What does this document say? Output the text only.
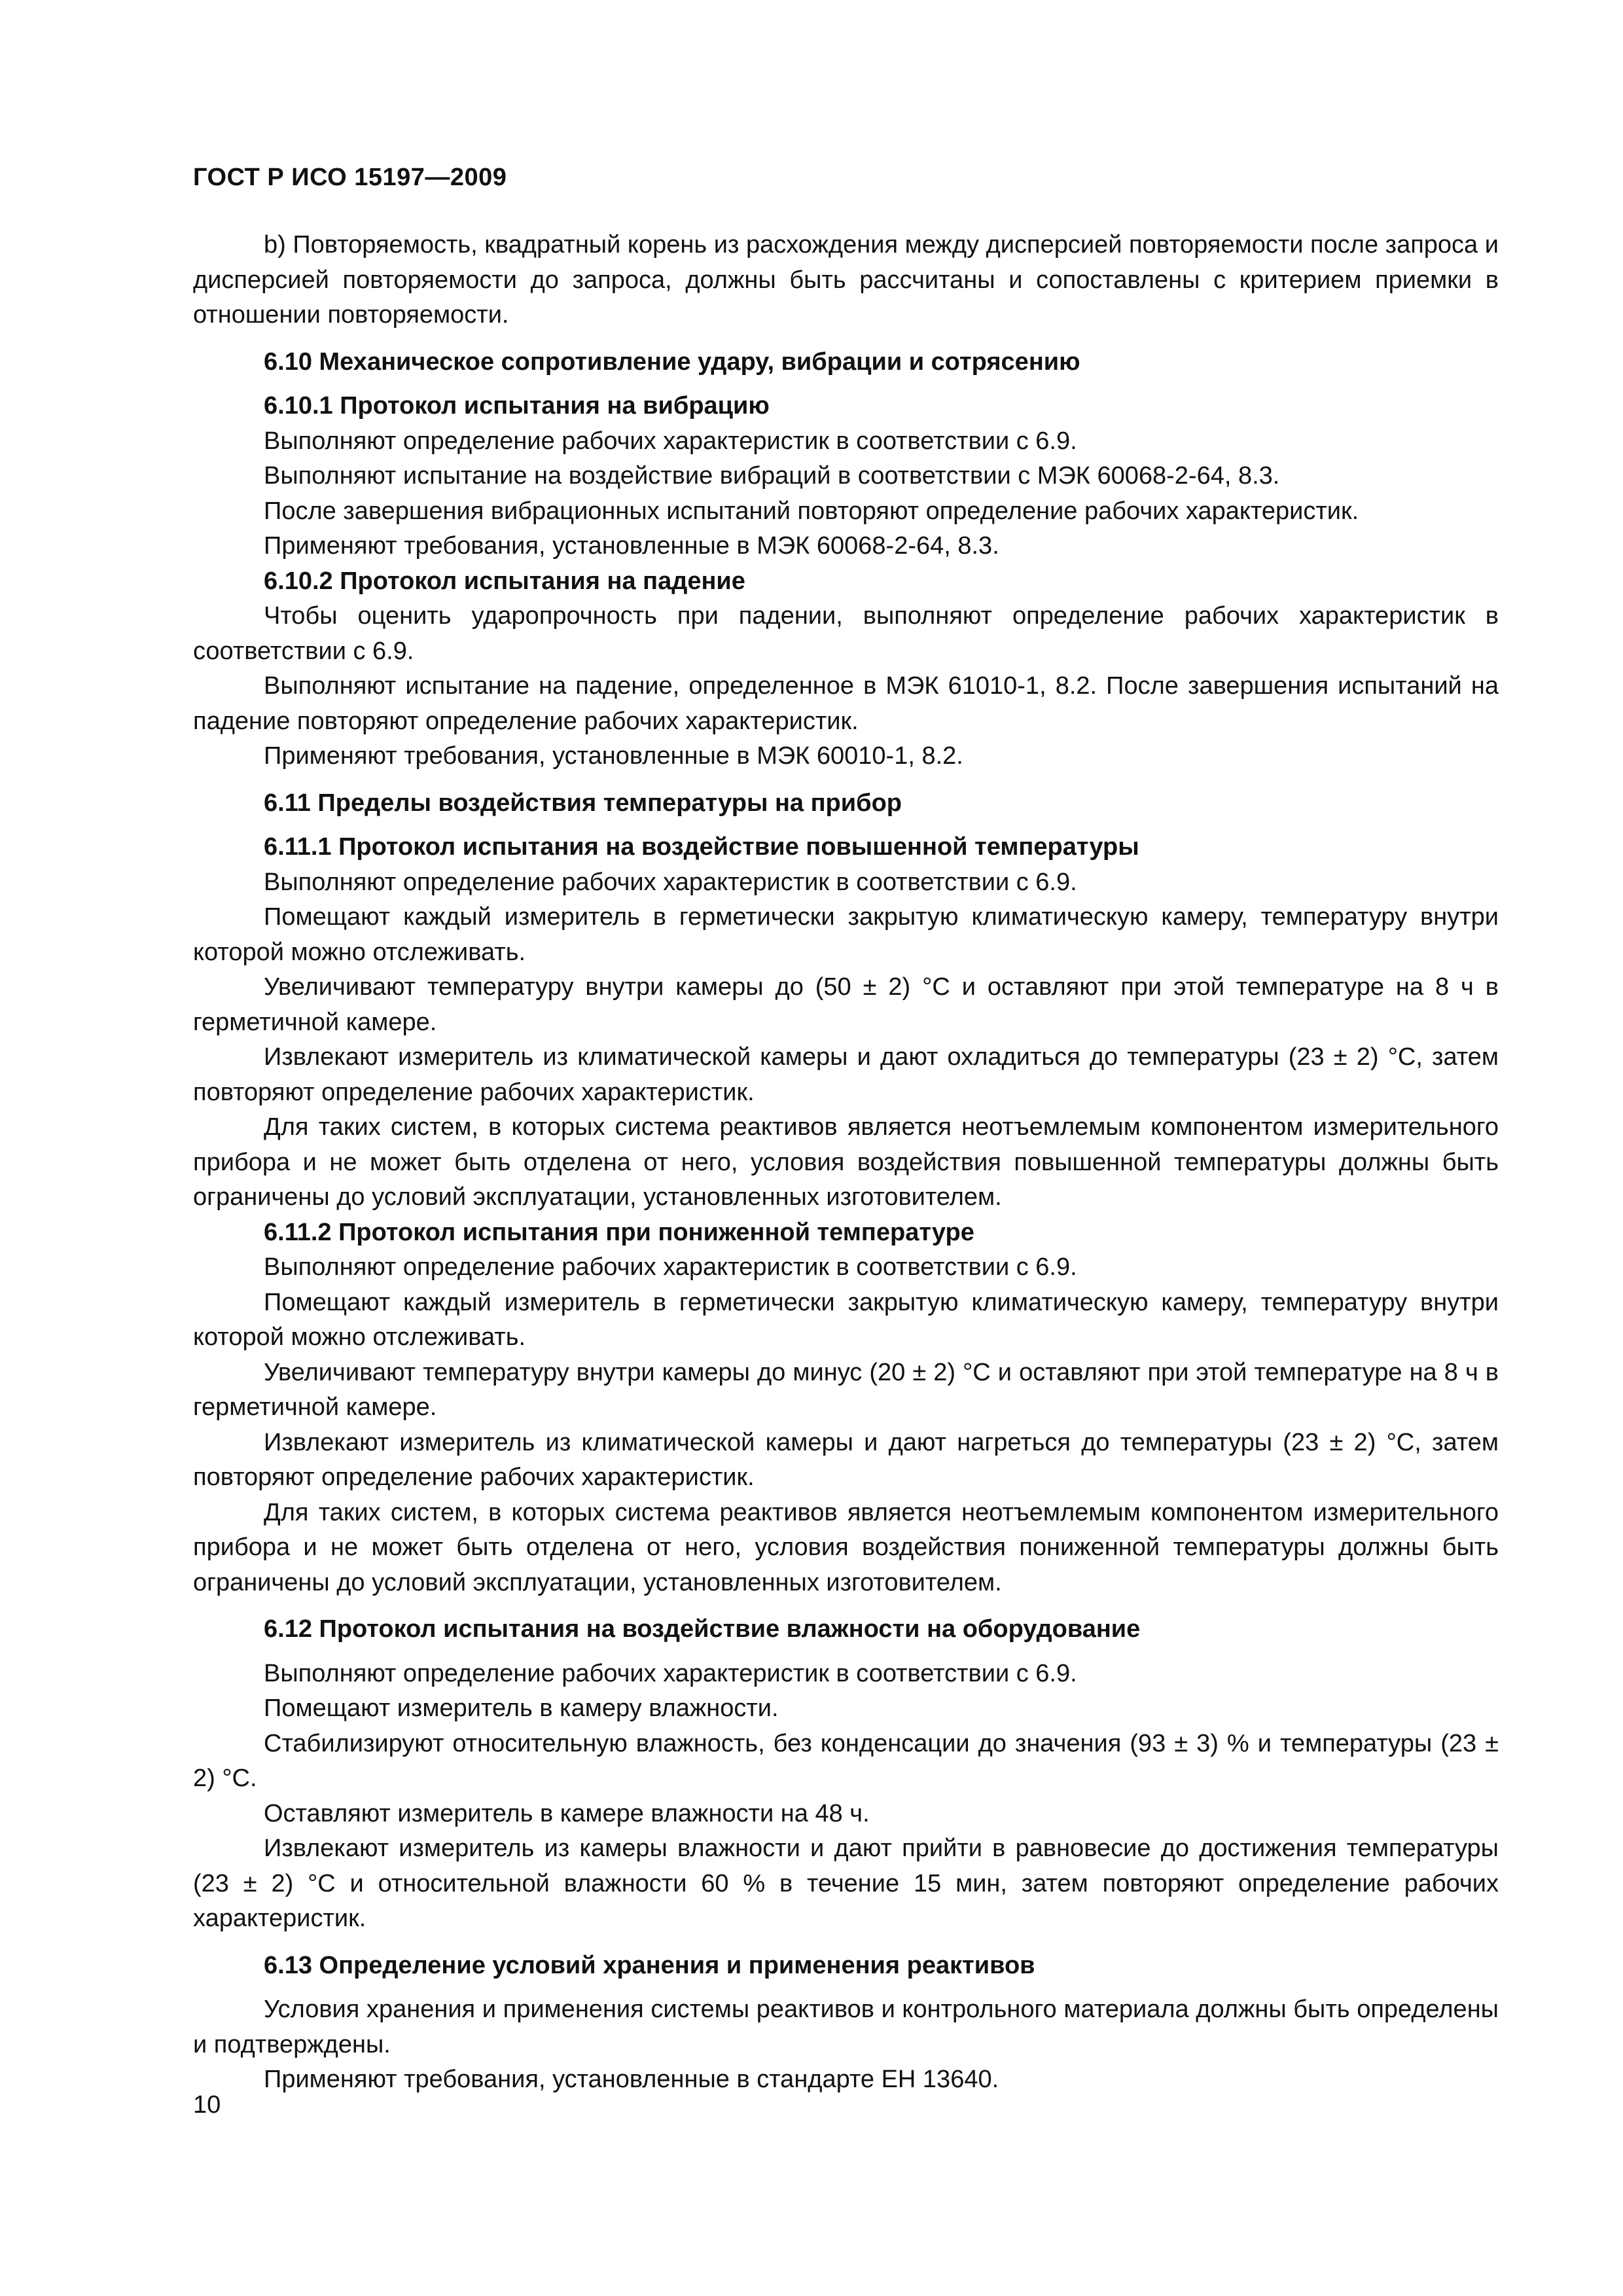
ГОСТ Р ИСО 15197—2009

b) Повторяемость, квадратный корень из расхождения между дисперсией повторяемости после запроса и дисперсией повторяемости до запроса, должны быть рассчитаны и сопоставлены с критерием приемки в отношении повторяемости.

6.10 Механическое сопротивление удару, вибрации и сотрясению
6.10.1 Протокол испытания на вибрацию

Выполняют определение рабочих характеристик в соответствии с 6.9.

Выполняют испытание на воздействие вибраций в соответствии с МЭК 60068-2-64, 8.3.

После завершения вибрационных испытаний повторяют определение рабочих характеристик.

Применяют требования, установленные в МЭК 60068-2-64, 8.3.

6.10.2 Протокол испытания на падение

Чтобы оценить ударопрочность при падении, выполняют определение рабочих характеристик в соответствии с 6.9.

Выполняют испытание на падение, определенное в МЭК 61010-1, 8.2. После завершения испытаний на падение повторяют определение рабочих характеристик.

Применяют требования, установленные в МЭК 60010-1, 8.2.

6.11 Пределы воздействия температуры на прибор
6.11.1 Протокол испытания на воздействие повышенной температуры

Выполняют определение рабочих характеристик в соответствии с 6.9.

Помещают каждый измеритель в герметически закрытую климатическую камеру, температуру внутри которой можно отслеживать.

Увеличивают температуру внутри камеры до (50 ± 2) °С и оставляют при этой температуре на 8 ч в герметичной камере.

Извлекают измеритель из климатической камеры и дают охладиться до температуры (23 ± 2) °С, затем повторяют определение рабочих характеристик.

Для таких систем, в которых система реактивов является неотъемлемым компонентом измерительного прибора и не может быть отделена от него, условия воздействия повышенной температуры должны быть ограничены до условий эксплуатации, установленных изготовителем.

6.11.2 Протокол испытания при пониженной температуре

Выполняют определение рабочих характеристик в соответствии с 6.9.

Помещают каждый измеритель в герметически закрытую климатическую камеру, температуру внутри которой можно отслеживать.

Увеличивают температуру внутри камеры до минус (20 ± 2) °С и оставляют при этой температуре на 8 ч в герметичной камере.

Извлекают измеритель из климатической камеры и дают нагреться до температуры (23 ± 2) °С, затем повторяют определение рабочих характеристик.

Для таких систем, в которых система реактивов является неотъемлемым компонентом измерительного прибора и не может быть отделена от него, условия воздействия пониженной температуры должны быть ограничены до условий эксплуатации, установленных изготовителем.

6.12 Протокол испытания на воздействие влажности на оборудование

Выполняют определение рабочих характеристик в соответствии с 6.9.

Помещают измеритель в камеру влажности.

Стабилизируют относительную влажность, без конденсации до значения (93 ± 3) % и температуры (23 ± 2) °С.

Оставляют измеритель в камере влажности на 48 ч.

Извлекают измеритель из камеры влажности и дают прийти в равновесие до достижения температуры (23 ± 2) °С и относительной влажности 60 % в течение 15 мин, затем повторяют определение рабочих характеристик.

6.13 Определение условий хранения и применения реактивов

Условия хранения и применения системы реактивов и контрольного материала должны быть определены и подтверждены.

Применяют требования, установленные в стандарте ЕН 13640.

10
